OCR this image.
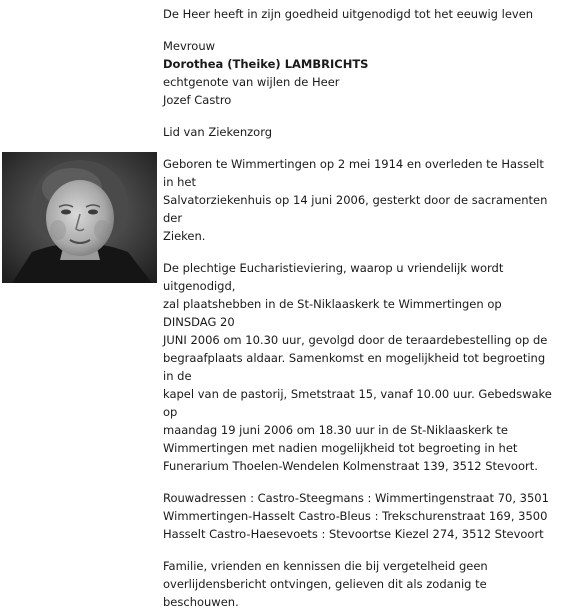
De Heer heeft in zijn goedheid uitgenodigd tot het eeuwig leven

Mevrouw

Dorothea (Theike) LAMBRICHTS

echtgenote van wijlen de Heer

Jozef Castro

Lid van Ziekenzorg

Geboren te Wimmertingen op 2 mei 1914 en overleden te Hasselt in het

Salvatorziekenhuis op 14 juni 2006, gesterkt door de sacramenten der

Zieken.

De plechtige Eucharistieviering, waarop u vriendelijk wordt uitgenodigd,

zal plaatshebben in de St-Niklaaskerk te Wimmertingen op DINSDAG 20

JUNI 2006 om 10.30 uur, gevolgd door de teraardebestelling op de

begraafplaats aldaar. Samenkomst en mogelijkheid tot begroeting in de

kapel van de pastorij, Smetstraat 15, vanaf 10.00 uur. Gebedswake op

maandag 19 juni 2006 om 18.30 uur in de St-Niklaaskerk te

Wimmertingen met nadien mogelijkheid tot begroeting in het

Funerarium Thoelen-Wendelen Kolmenstraat 139, 3512 Stevoort.

Rouwadressen : Castro-Steegmans : Wimmertingenstraat 70, 3501

Wimmertingen-Hasselt Castro-Bleus : Trekschurenstraat 169, 3500

Hasselt Castro-Haesevoets : Stevoortse Kiezel 274, 3512 Stevoort

Familie, vrienden en kennissen die bij vergetelheid geen

overlijdensbericht ontvingen, gelieven dit als zodanig te beschouwen.
